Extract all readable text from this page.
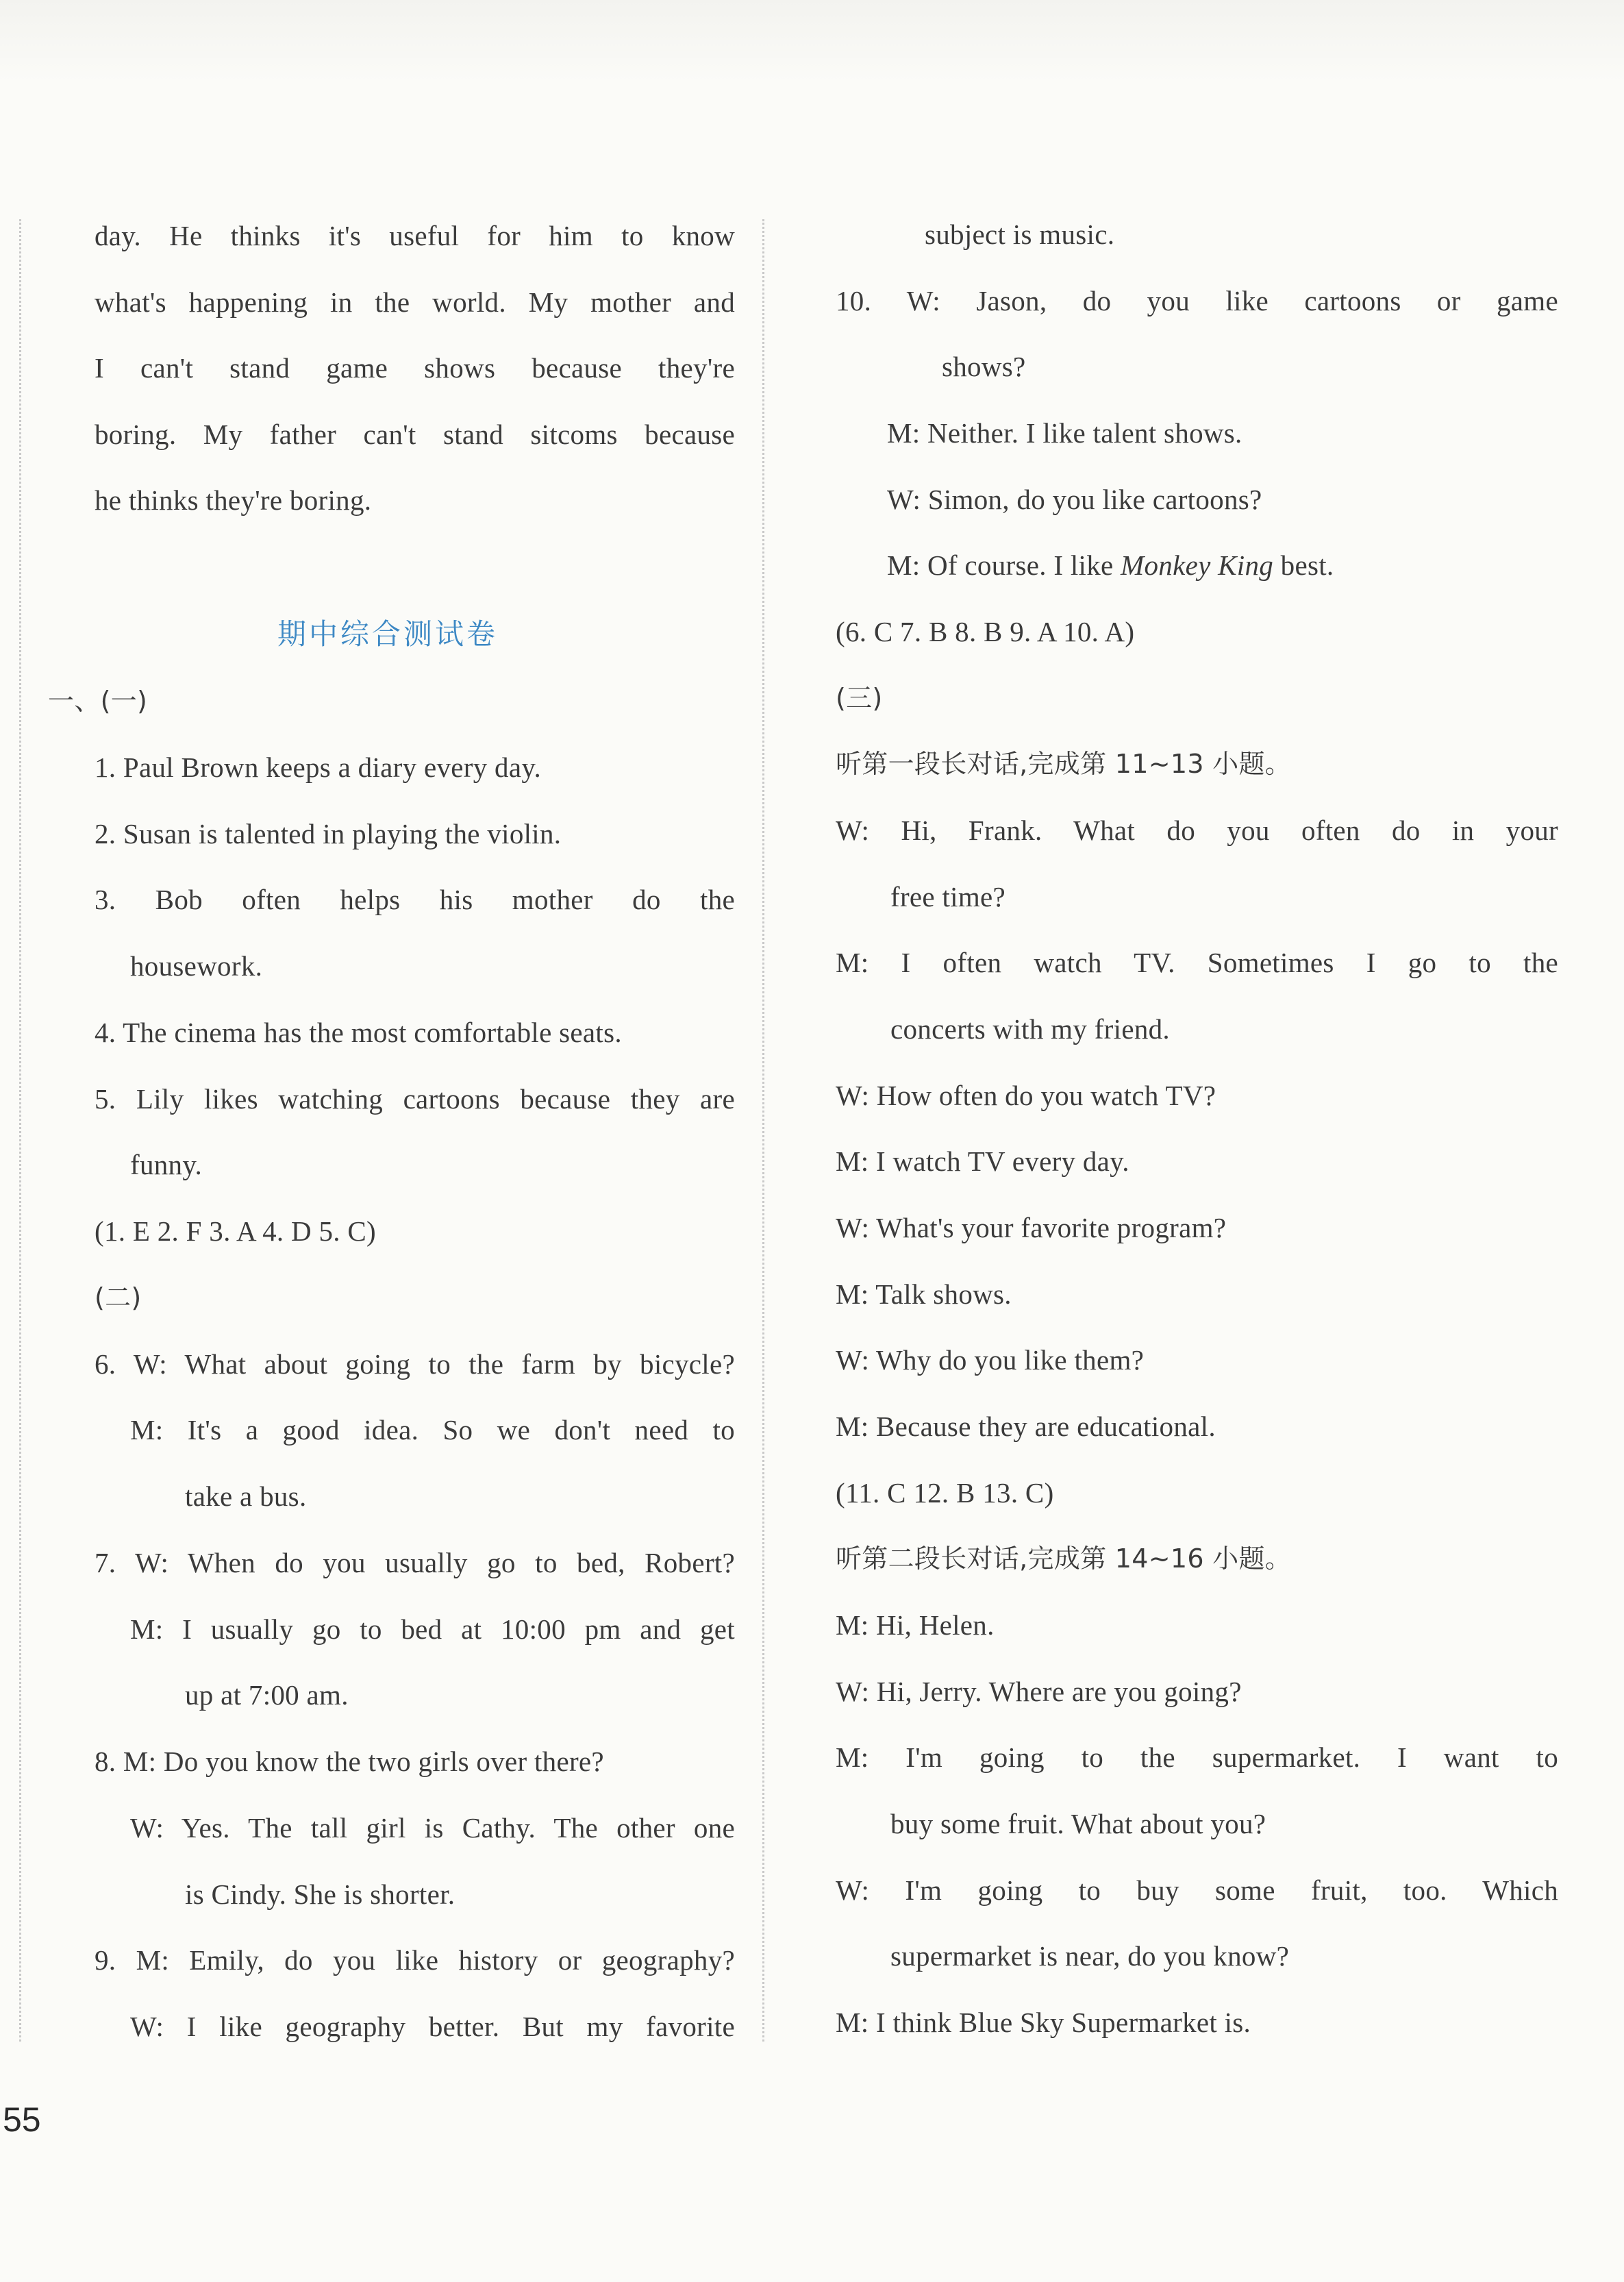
day. He thinks it's useful for him to know
what's happening in the world. My mother and
I can't stand game shows because they're
boring. My father can't stand sitcoms because
he thinks they're boring.
期中综合测试卷
一、(一)
1. Paul Brown keeps a diary every day.
2. Susan is talented in playing the violin.
3. Bob often helps his mother do the
housework.
4. The cinema has the most comfortable seats.
5. Lily likes watching cartoons because they are
funny.
(1. E 2. F 3. A 4. D 5. C)
(二)
6. W: What about going to the farm by bicycle?
M: It's a good idea. So we don't need to
take a bus.
7. W: When do you usually go to bed, Robert?
M: I usually go to bed at 10:00 pm and get
up at 7:00 am.
8. M: Do you know the two girls over there?
W: Yes. The tall girl is Cathy. The other one
is Cindy. She is shorter.
9. M: Emily, do you like history or geography?
W: I like geography better. But my favorite
subject is music.
10. W: Jason, do you like cartoons or game
shows?
M: Neither. I like talent shows.
W: Simon, do you like cartoons?
M: Of course. I like Monkey King best.
(6. C 7. B 8. B 9. A 10. A)
(三)
听第一段长对话,完成第 11~13 小题。
W: Hi, Frank. What do you often do in your
free time?
M: I often watch TV. Sometimes I go to the
concerts with my friend.
W: How often do you watch TV?
M: I watch TV every day.
W: What's your favorite program?
M: Talk shows.
W: Why do you like them?
M: Because they are educational.
(11. C 12. B 13. C)
听第二段长对话,完成第 14~16 小题。
M: Hi, Helen.
W: Hi, Jerry. Where are you going?
M: I'm going to the supermarket. I want to
buy some fruit. What about you?
W: I'm going to buy some fruit, too. Which
supermarket is near, do you know?
M: I think Blue Sky Supermarket is.
55
